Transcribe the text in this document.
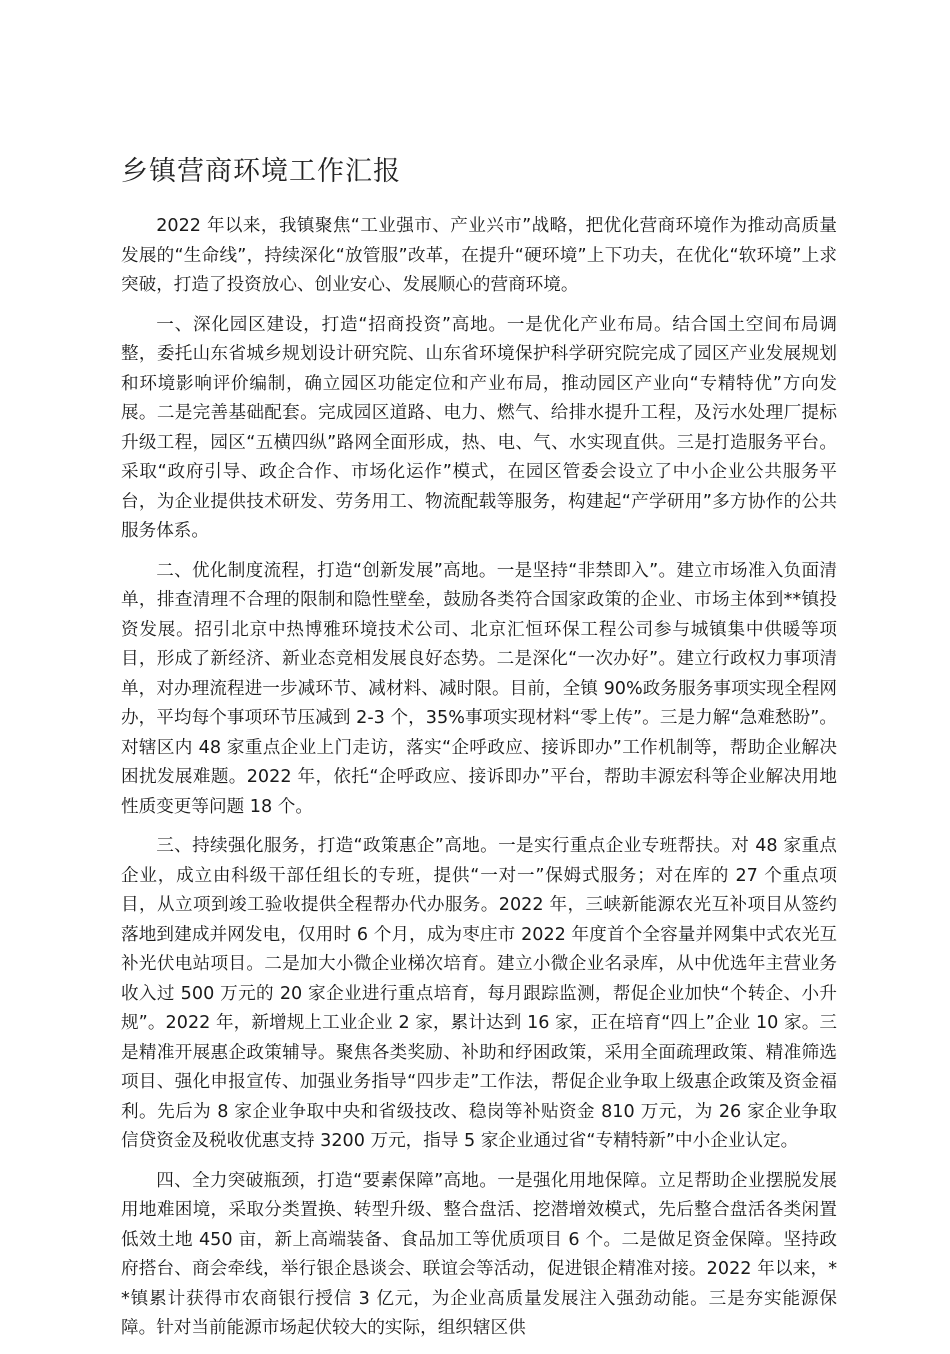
乡镇营商环境工作汇报

2022 年以来，我镇聚焦“工业强市、产业兴市”战略，把优化营商环境作为推动高质量发展的“生命线”，持续深化“放管服”改革，在提升“硬环境”上下功夫，在优化“软环境”上求突破，打造了投资放心、创业安心、发展顺心的营商环境。

一、深化园区建设，打造“招商投资”高地。一是优化产业布局。结合国土空间布局调整，委托山东省城乡规划设计研究院、山东省环境保护科学研究院完成了园区产业发展规划和环境影响评价编制，确立园区功能定位和产业布局，推动园区产业向“专精特优”方向发展。二是完善基础配套。完成园区道路、电力、燃气、给排水提升工程，及污水处理厂提标升级工程，园区“五横四纵”路网全面形成，热、电、气、水实现直供。三是打造服务平台。采取“政府引导、政企合作、市场化运作”模式，在园区管委会设立了中小企业公共服务平台，为企业提供技术研发、劳务用工、物流配载等服务，构建起“产学研用”多方协作的公共服务体系。

二、优化制度流程，打造“创新发展”高地。一是坚持“非禁即入”。建立市场准入负面清单，排查清理不合理的限制和隐性壁垒，鼓励各类符合国家政策的企业、市场主体到**镇投资发展。招引北京中热博雅环境技术公司、北京汇恒环保工程公司参与城镇集中供暖等项目，形成了新经济、新业态竞相发展良好态势。二是深化“一次办好”。建立行政权力事项清单，对办理流程进一步减环节、减材料、减时限。目前，全镇 90%政务服务事项实现全程网办，平均每个事项环节压减到 2-3 个，35%事项实现材料“零上传”。三是力解“急难愁盼”。对辖区内 48 家重点企业上门走访，落实“企呼政应、接诉即办”工作机制等，帮助企业解决困扰发展难题。2022 年，依托“企呼政应、接诉即办”平台，帮助丰源宏科等企业解决用地性质变更等问题 18 个。

三、持续强化服务，打造“政策惠企”高地。一是实行重点企业专班帮扶。对 48 家重点企业，成立由科级干部任组长的专班，提供“一对一”保姆式服务；对在库的 27 个重点项目，从立项到竣工验收提供全程帮办代办服务。2022 年，三峡新能源农光互补项目从签约落地到建成并网发电，仅用时 6 个月，成为枣庄市 2022 年度首个全容量并网集中式农光互补光伏电站项目。二是加大小微企业梯次培育。建立小微企业名录库，从中优选年主营业务收入过 500 万元的 20 家企业进行重点培育，每月跟踪监测，帮促企业加快“个转企、小升规”。2022 年，新增规上工业企业 2 家，累计达到 16 家，正在培育“四上”企业 10 家。三是精准开展惠企政策辅导。聚焦各类奖励、补助和纾困政策，采用全面疏理政策、精准筛选项目、强化申报宣传、加强业务指导“四步走”工作法，帮促企业争取上级惠企政策及资金福利。先后为 8 家企业争取中央和省级技改、稳岗等补贴资金 810 万元，为 26 家企业争取信贷资金及税收优惠支持 3200 万元，指导 5 家企业通过省“专精特新”中小企业认定。

四、全力突破瓶颈，打造“要素保障”高地。一是强化用地保障。立足帮助企业摆脱发展用地难困境，采取分类置换、转型升级、整合盘活、挖潜增效模式，先后整合盘活各类闲置低效土地 450 亩，新上高端装备、食品加工等优质项目 6 个。二是做足资金保障。坚持政府搭台、商会牵线，举行银企恳谈会、联谊会等活动，促进银企精准对接。2022 年以来，**镇累计获得市农商银行授信 3 亿元，为企业高质量发展注入强劲动能。三是夯实能源保障。针对当前能源市场起伏较大的实际，组织辖区供
